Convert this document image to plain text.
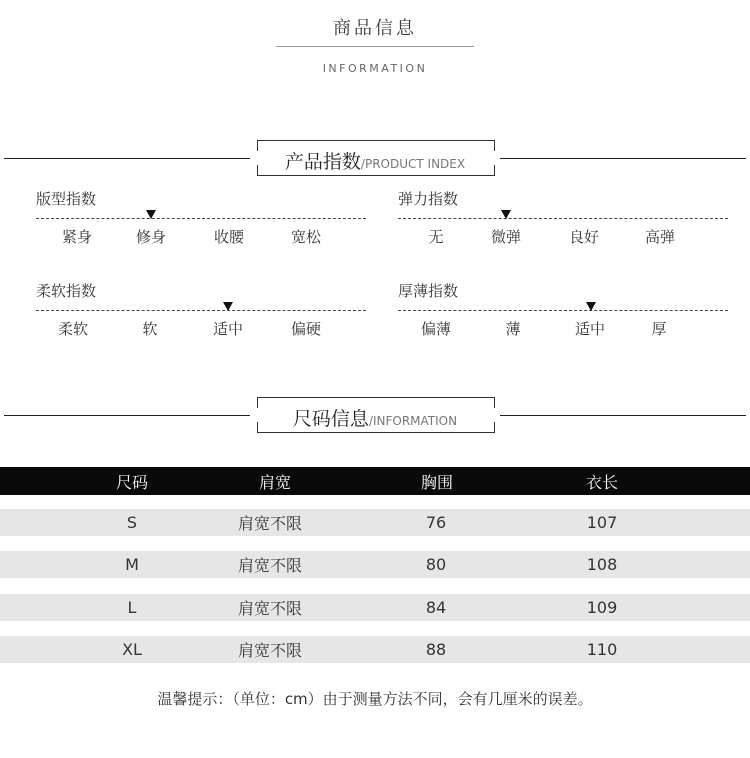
商品信息
INFORMATION
产品指数/PRODUCT INDEX
版型指数
紧身	修身	收腰	宽松
弹力指数
无	微弹	良好	高弹
柔软指数
柔软	软	适中	偏硬
厚薄指数
偏薄	薄	适中	厚
尺码信息/INFORMATION
尺码	肩宽	胸围	衣长
S	肩宽不限	76	107
M	肩宽不限	80	108
L	肩宽不限	84	109
XL	肩宽不限	88	110
温馨提示：（单位：cm）由于测量方法不同，会有几厘米的误差。
